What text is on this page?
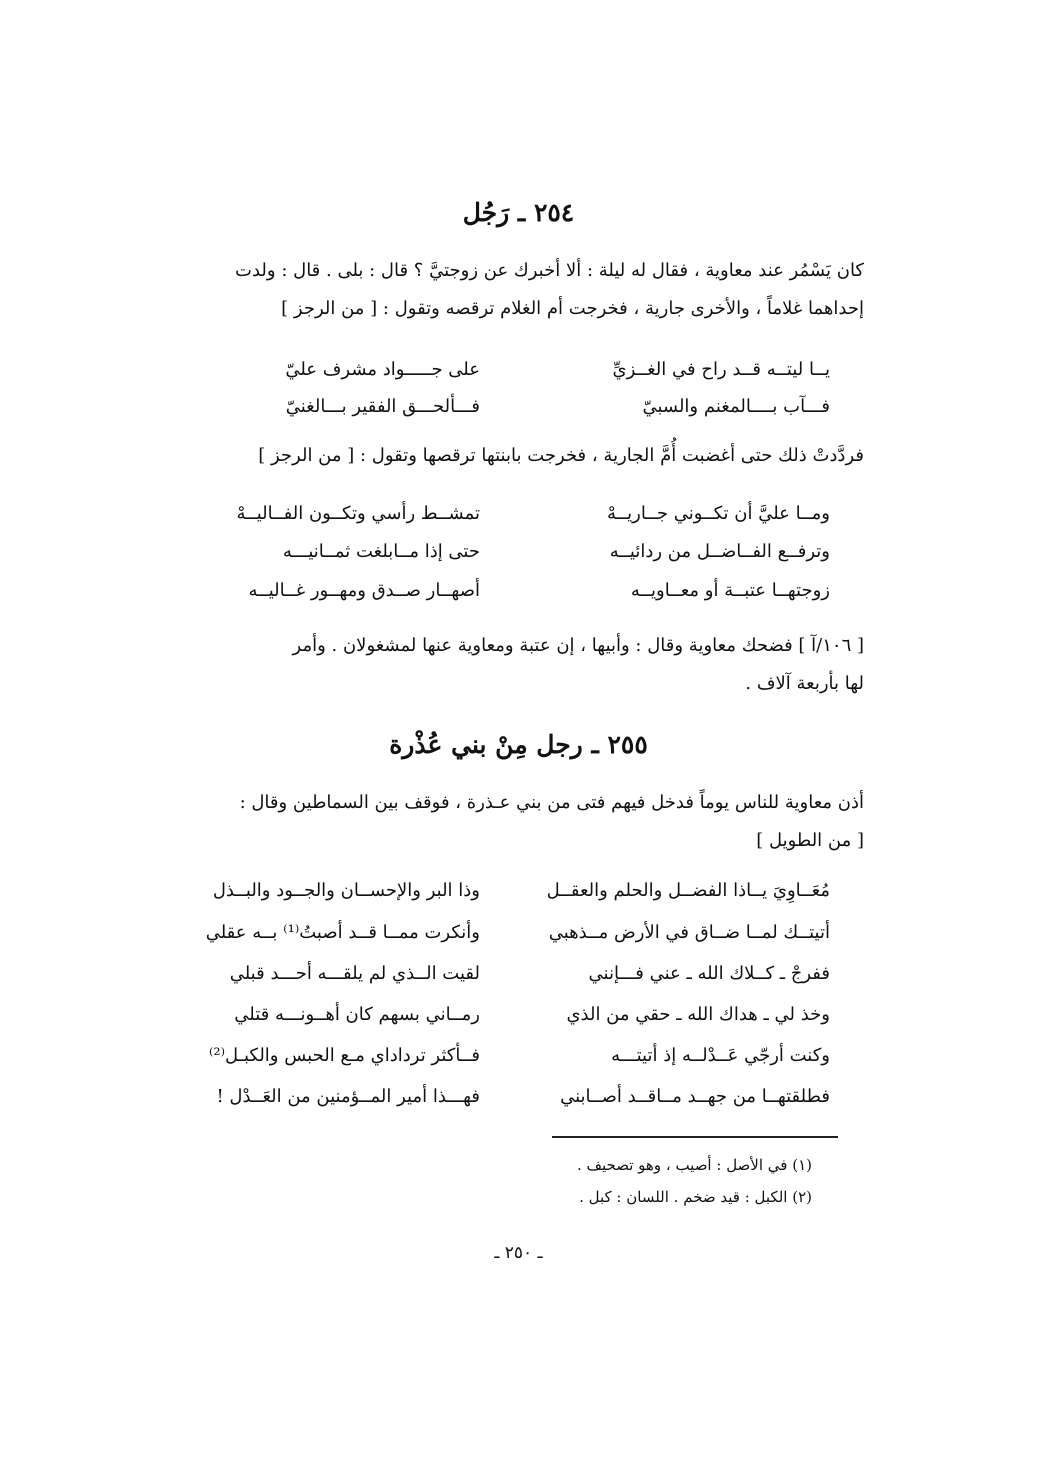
٢٥٤ ـ رَجُل
كان يَسْمُر عند معاوية ، فقال له ليلة : ألا أخبرك عن زوجتيَّ ؟ قال : بلى . قال : ولدت
إحداهما غلاماً ، والأخرى جارية ، فخرجت أم الغلام ترقصه وتقول : [ من الرجز ]
يــا ليتــه قــد راح في الغــزيِّ
على جـــــواد مشرف عليّ
فـــآب بــــالمغنم والسبيّ
فـــألحـــق الفقير بـــالغنيّ
فردَّدتْ ذلك حتى أغضبت أُمَّ الجارية ، فخرجت بابنتها ترقصها وتقول : [ من الرجز ]
ومــا عليَّ أن تكــوني جــاريــهْ
تمشــط رأسي وتكــون الفــاليــهْ
وترفــع الفــاضــل من ردائيــه
حتى إذا مــابلغت ثمــانيـــه
زوجتهــا عتبــة أو معــاويــه
أصهــار صــدق ومهــور غــاليــه
[ ١٠٦/آ ] فضحك معاوية وقال : وأبيها ، إن عتبة ومعاوية عنها لمشغولان . وأمر
لها بأربعة آلاف .
٢٥٥ ـ رجل مِنْ بني عُذْرة
أذن معاوية للناس يوماً فدخل فيهم فتى من بني عـذرة ، فوقف بين السماطين وقال :
[ من الطويل ]
مُعَــاوِيَ يــاذا الفضــل والحلم والعقــل
وذا البر والإحســان والجــود والبــذل
أتيتــك لمــا ضــاق في الأرض مــذهبي
وأنكرت ممــا قــد أصبتُ⁽¹⁾ بــه عقلي
ففرجْ ـ كــلاك الله ـ عني فـــإنني
لقيت الــذي لم يلقـــه أحـــد قبلي
وخذ لي ـ هداك الله ـ حقي من الذي
رمــاني بسهم كان أهــونـــه قتلي
وكنت أرجّي عَــدْلــه إذ أتيتـــه
فــأكثر ترداداي مـع الحبس والكبـل⁽²⁾
فطلقتهــا من جهــد مــاقــد أصــابني
فهـــذا أمير المــؤمنين من العَــدْل !
(١) في الأصل : أصيب ، وهو تصحيف .
(٢) الكبل : قيد ضخم . اللسان : كبل .
ـ ٢٥٠ ـ
